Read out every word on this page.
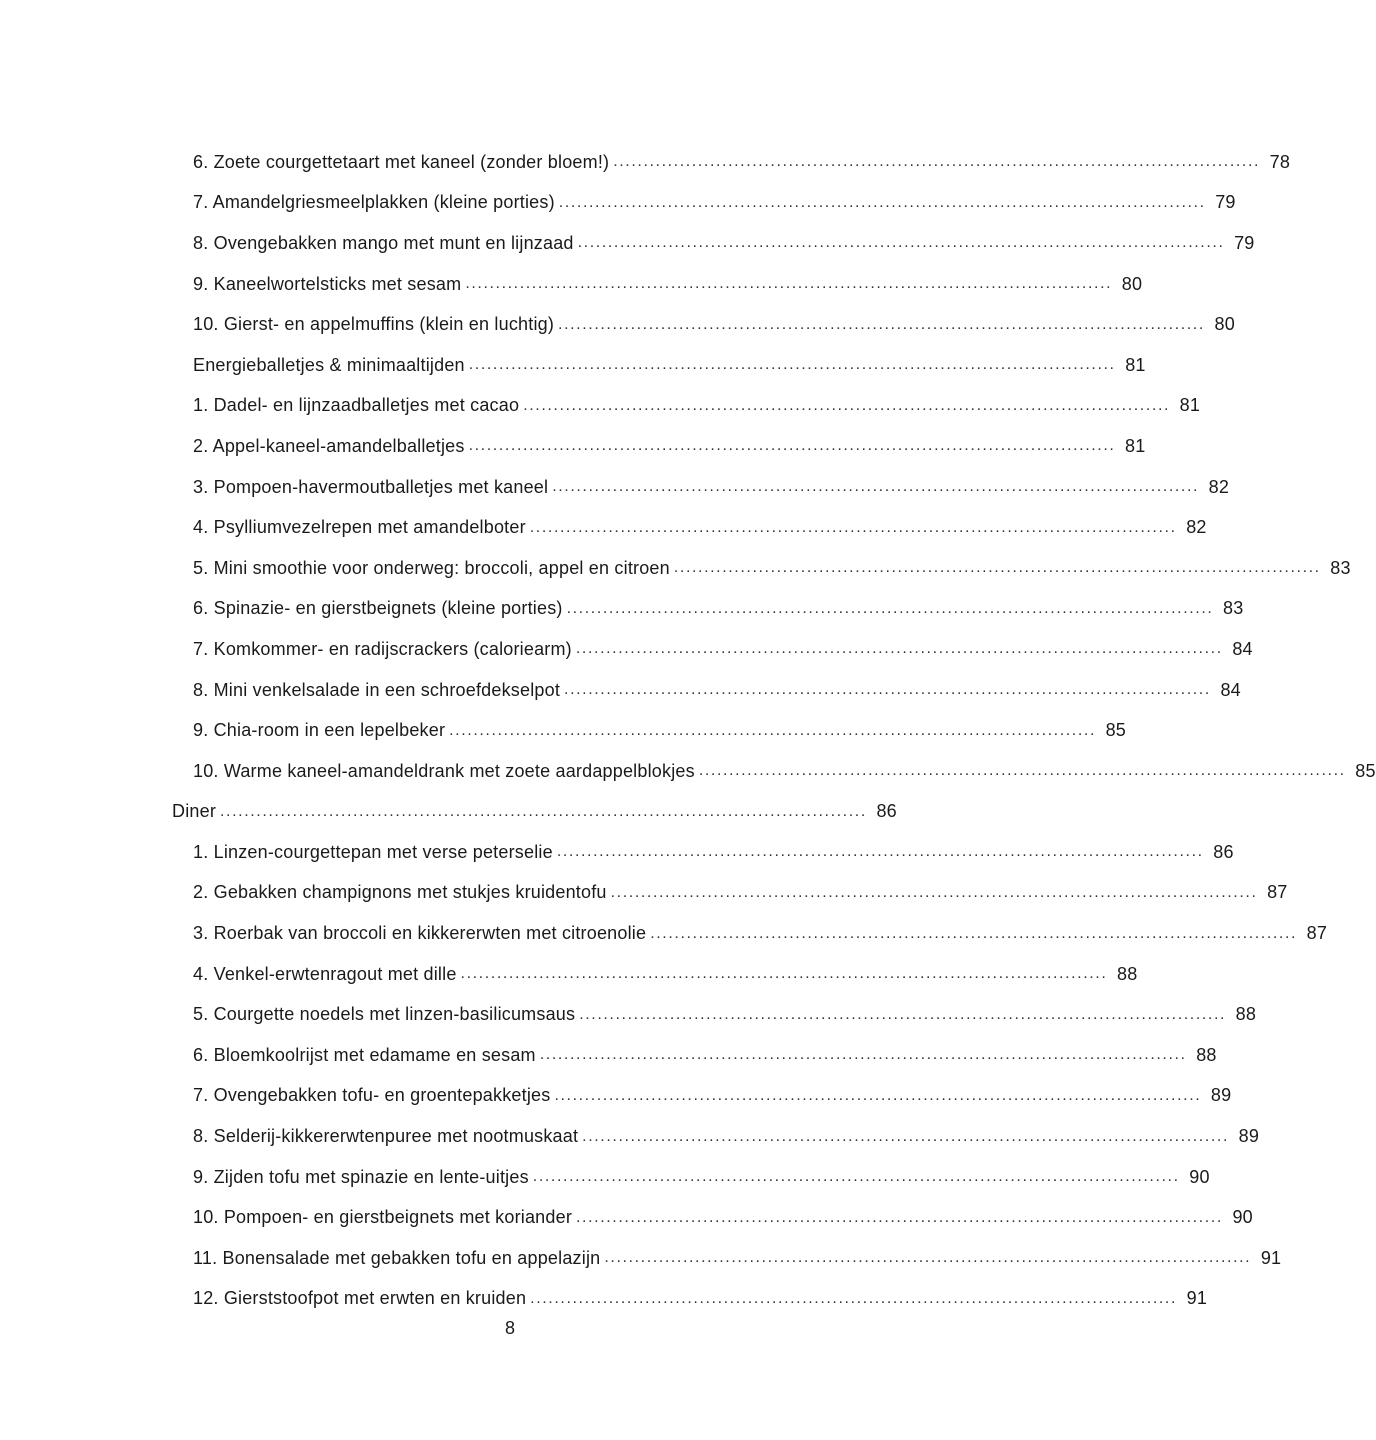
6. Zoete courgettetaart met kaneel (zonder bloem!) ........................................................................................................... 78
7. Amandelgriesmeelplakken (kleine porties) ........................................................................................................... 79
8. Ovengebakken mango met munt en lijnzaad ........................................................................................................... 79
9. Kaneelwortelsticks met sesam ........................................................................................................... 80
10. Gierst- en appelmuffins (klein en luchtig) ........................................................................................................... 80
Energieballetjes & minimaaltijden ........................................................................................................... 81
1. Dadel- en lijnzaadballetjes met cacao ........................................................................................................... 81
2. Appel-kaneel-amandelballetjes ........................................................................................................... 81
3. Pompoen-havermoutballetjes met kaneel ........................................................................................................... 82
4. Psylliumvezelrepen met amandelboter ........................................................................................................... 82
5. Mini smoothie voor onderweg: broccoli, appel en citroen ........................................................................................................... 83
6. Spinazie- en gierstbeignets (kleine porties) ........................................................................................................... 83
7. Komkommer- en radijscrackers (caloriearm) ........................................................................................................... 84
8. Mini venkelsalade in een schroefdekselpot ........................................................................................................... 84
9. Chia-room in een lepelbeker ........................................................................................................... 85
10. Warme kaneel-amandeldrank met zoete aardappelblokjes ........................................................................................................... 85
Diner ........................................................................................................... 86
1. Linzen-courgettepan met verse peterselie ........................................................................................................... 86
2. Gebakken champignons met stukjes kruidentofu ........................................................................................................... 87
3. Roerbak van broccoli en kikkererwten met citroenolie ........................................................................................................... 87
4. Venkel-erwtenragout met dille ........................................................................................................... 88
5. Courgette noedels met linzen-basilicumsaus ........................................................................................................... 88
6. Bloemkoolrijst met edamame en sesam ........................................................................................................... 88
7. Ovengebakken tofu- en groentepakketjes ........................................................................................................... 89
8. Selderij-kikkererwtenpuree met nootmuskaat ........................................................................................................... 89
9. Zijden tofu met spinazie en lente-uitjes ........................................................................................................... 90
10. Pompoen- en gierstbeignets met koriander ........................................................................................................... 90
11. Bonensalade met gebakken tofu en appelazijn ........................................................................................................... 91
12. Gierststoofpot met erwten en kruiden ........................................................................................................... 91
8
